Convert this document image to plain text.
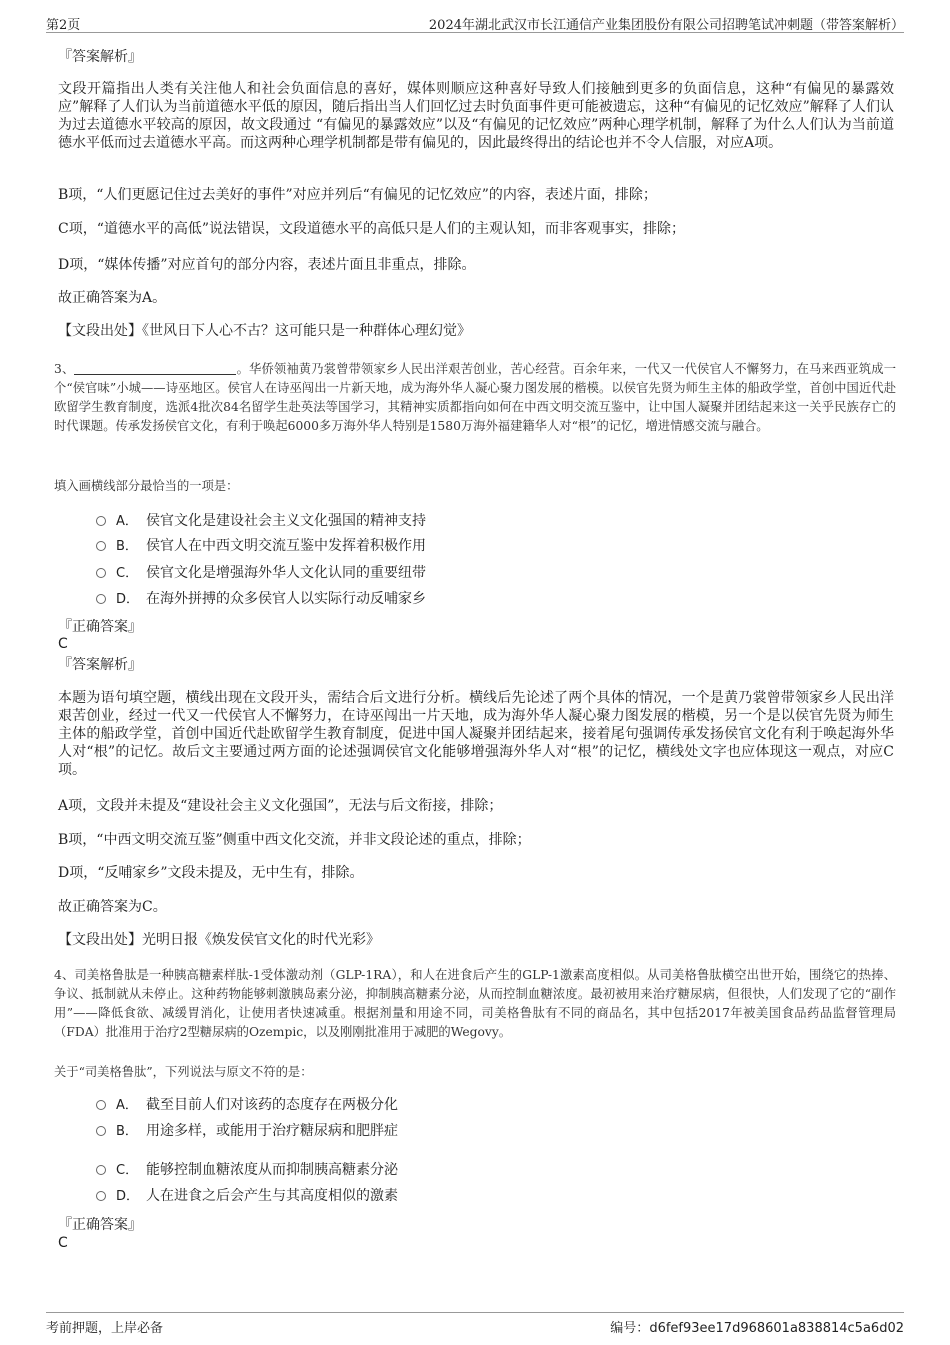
第2页	2024年湖北武汉市长江通信产业集团股份有限公司招聘笔试冲刺题（带答案解析）
『答案解析』
文段开篇指出人类有关注他人和社会负面信息的喜好，媒体则顺应这种喜好导致人们接触到更多的负面信息，这种“有偏见的暴露效应”解释了人们认为当前道德水平低的原因，随后指出当人们回忆过去时负面事件更可能被遗忘，这种“有偏见的记忆效应”解释了人们认为过去道德水平较高的原因，故文段通过 “有偏见的暴露效应”以及“有偏见的记忆效应”两种心理学机制，解释了为什么人们认为当前道德水平低而过去道德水平高。而这两种心理学机制都是带有偏见的，因此最终得出的结论也并不令人信服，对应A项。
B项，“人们更愿记住过去美好的事件”对应并列后“有偏见的记忆效应”的内容，表述片面，排除；
C项，“道德水平的高低”说法错误，文段道德水平的高低只是人们的主观认知，而非客观事实，排除；
D项，“媒体传播”对应首句的部分内容，表述片面且非重点，排除。
故正确答案为A。
【文段出处】《世风日下人心不古？这可能只是一种群体心理幻觉》
3、	。华侨领袖黄乃裳曾带领家乡人民出洋艰苦创业，苦心经营。百余年来，一代又一代侯官人不懈努力，在马来西亚筑成一个“侯官味”小城——诗巫地区。侯官人在诗巫闯出一片新天地，成为海外华人凝心聚力图发展的楷模。以侯官先贤为师生主体的船政学堂，首创中国近代赴欧留学生教育制度，选派4批次84名留学生赴英法等国学习，其精神实质都指向如何在中西文明交流互鉴中，让中国人凝聚并团结起来这一关乎民族存亡的时代课题。传承发扬侯官文化，有利于唤起6000多万海外华人特别是1580万海外福建籍华人对“根”的记忆，增进情感交流与融合。
填入画横线部分最恰当的一项是：
A． 侯官文化是建设社会主义文化强国的精神支持
B． 侯官人在中西文明交流互鉴中发挥着积极作用
C． 侯官文化是增强海外华人文化认同的重要纽带
D． 在海外拼搏的众多侯官人以实际行动反哺家乡
『正确答案』
C
『答案解析』
本题为语句填空题，横线出现在文段开头，需结合后文进行分析。横线后先论述了两个具体的情况，一个是黄乃裳曾带领家乡人民出洋艰苦创业，经过一代又一代侯官人不懈努力，在诗巫闯出一片天地，成为海外华人凝心聚力图发展的楷模，另一个是以侯官先贤为师生主体的船政学堂，首创中国近代赴欧留学生教育制度，促进中国人凝聚并团结起来，接着尾句强调传承发扬侯官文化有利于唤起海外华人对“根”的记忆。故后文主要通过两方面的论述强调侯官文化能够增强海外华人对“根”的记忆，横线处文字也应体现这一观点，对应C项。
A项，文段并未提及“建设社会主义文化强国”，无法与后文衔接，排除；
B项，“中西文明交流互鉴”侧重中西文化交流，并非文段论述的重点，排除；
D项，“反哺家乡”文段未提及，无中生有，排除。
故正确答案为C。
【文段出处】光明日报《焕发侯官文化的时代光彩》
4、司美格鲁肽是一种胰高糖素样肽-1受体激动剂（GLP-1RA），和人在进食后产生的GLP-1激素高度相似。从司美格鲁肽横空出世开始，围绕它的热捧、争议、抵制就从未停止。这种药物能够刺激胰岛素分泌，抑制胰高糖素分泌，从而控制血糖浓度。最初被用来治疗糖尿病，但很快，人们发现了它的“副作用”——降低食欲、减缓胃消化，让使用者快速减重。根据剂量和用途不同，司美格鲁肽有不同的商品名，其中包括2017年被美国食品药品监督管理局（FDA）批准用于治疗2型糖尿病的Ozempic，以及刚刚批准用于减肥的Wegovy。
关于“司美格鲁肽”，下列说法与原文不符的是：
A． 截至目前人们对该药的态度存在两极分化
B． 用途多样，或能用于治疗糖尿病和肥胖症
C． 能够控制血糖浓度从而抑制胰高糖素分泌
D． 人在进食之后会产生与其高度相似的激素
『正确答案』
C
考前押题，上岸必备	编号：d6fef93ee17d968601a838814c5a6d02
